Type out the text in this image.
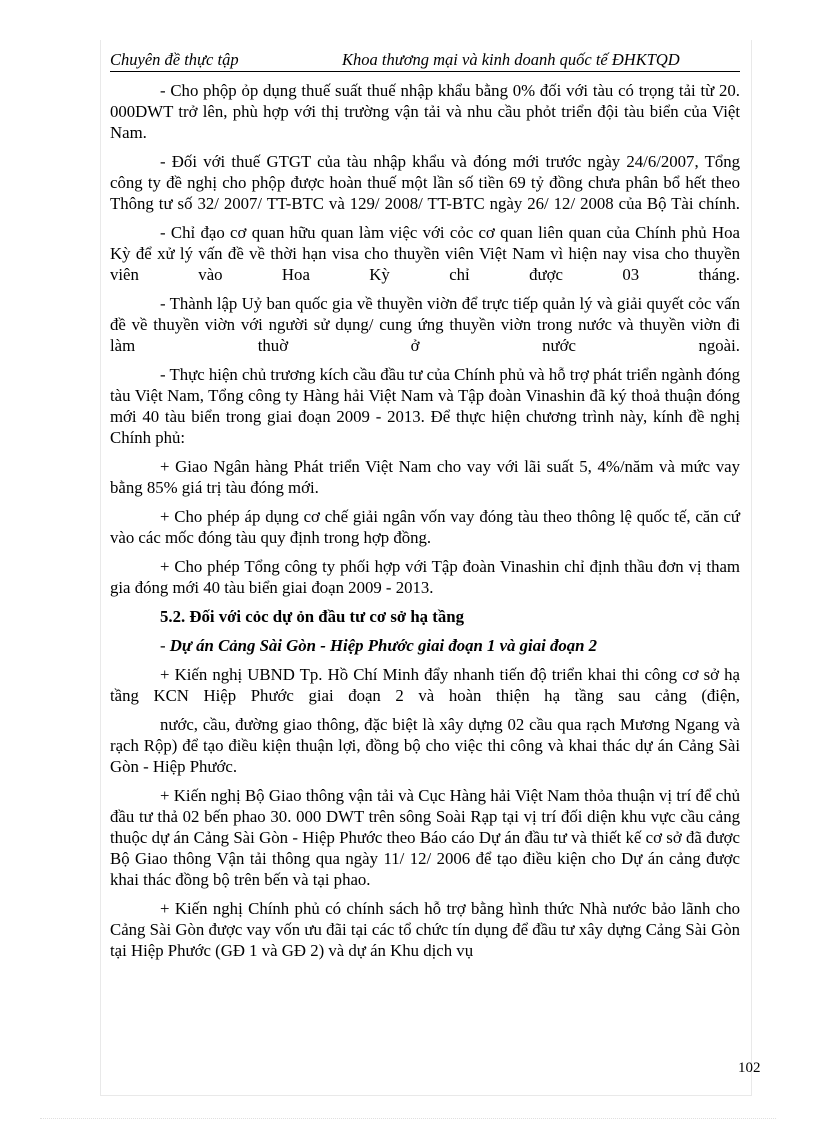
Chuyên đề thực tập	Khoa thương mại và kinh doanh quốc tế ĐHKTQD

- Cho phộp ỏp dụng thuế suất thuế nhập khẩu bằng 0% đối với tàu có trọng tải từ 20. 000DWT trở lên, phù hợp với thị trường vận tải và nhu cầu phỏt triển đội tàu biển của Việt Nam.

- Đối với thuế GTGT của tàu nhập khẩu và đóng mới trước ngày 24/6/2007, Tổng công ty đề nghị cho phộp được hoàn thuế một lần số tiền 69 tỷ đồng chưa phân bổ hết theo Thông tư số 32/ 2007/ TT-BTC và 129/ 2008/ TT-BTC ngày 26/ 12/ 2008 của Bộ Tài chính.

- Chỉ đạo cơ quan hữu quan làm việc với cỏc cơ quan liên quan của Chính phủ Hoa Kỳ để xử lý vấn đề về thời hạn visa cho thuyền viên Việt Nam vì hiện nay visa cho thuyền viên vào Hoa Kỳ chỉ được 03 tháng.

- Thành lập Uỷ ban quốc gia về thuyền viờn để trực tiếp quản lý và giải quyết cỏc vấn đề về thuyền viờn với người sử dụng/ cung ứng thuyền viờn trong nước và thuyền viờn đi làm thuờ ở nước ngoài.

- Thực hiện chủ trương kích cầu đầu tư của Chính phủ và hỗ trợ phát triển ngành đóng tàu Việt Nam, Tổng công ty Hàng hải Việt Nam và Tập đoàn Vinashin đã ký thoả thuận đóng mới 40 tàu biển trong giai đoạn 2009 - 2013. Để thực hiện chương trình này, kính đề nghị Chính phủ:

+ Giao Ngân hàng Phát triển Việt Nam cho vay với lãi suất 5, 4%/năm và mức vay bằng 85% giá trị tàu đóng mới.

+ Cho phép áp dụng cơ chế giải ngân vốn vay đóng tàu theo thông lệ quốc tế, căn cứ vào các mốc đóng tàu quy định trong hợp đồng.

+ Cho phép Tổng công ty phối hợp với Tập đoàn Vinashin chỉ định thầu đơn vị tham gia đóng mới 40 tàu biển giai đoạn 2009 - 2013.

5.2. Đối với cỏc dự ỏn đầu tư cơ sở hạ tầng

- Dự án Cảng Sài Gòn - Hiệp Phước giai đoạn 1 và giai đoạn 2

+ Kiến nghị UBND Tp. Hồ Chí Minh đẩy nhanh tiến độ triển khai thi công cơ sở hạ tầng KCN Hiệp Phước giai đoạn 2 và hoàn thiện hạ tầng sau cảng (điện,

nước, cầu, đường giao thông, đặc biệt là xây dựng 02 cầu qua rạch Mương Ngang và rạch Rộp) để tạo điều kiện thuận lợi, đồng bộ cho việc thi công và khai thác dự án Cảng Sài Gòn - Hiệp Phước.

+ Kiến nghị Bộ Giao thông vận tải và Cục Hàng hải Việt Nam thỏa thuận vị trí để chủ đầu tư thả 02 bến phao 30. 000 DWT trên sông Soài Rạp tại vị trí đối diện khu vực cầu cảng thuộc dự án Cảng Sài Gòn - Hiệp Phước theo Báo cáo Dự án đầu tư và thiết kế cơ sở đã được Bộ Giao thông Vận tải thông qua ngày 11/ 12/ 2006 để tạo điều kiện cho Dự án cảng được khai thác đồng bộ trên bến và tại phao.

+ Kiến nghị Chính phủ có chính sách hỗ trợ bằng hình thức Nhà nước bảo lãnh cho Cảng Sài Gòn được vay vốn ưu đãi tại các tổ chức tín dụng để đầu tư xây dựng Cảng Sài Gòn tại Hiệp Phước (GĐ 1 và GĐ 2) và dự án Khu dịch vụ

102
